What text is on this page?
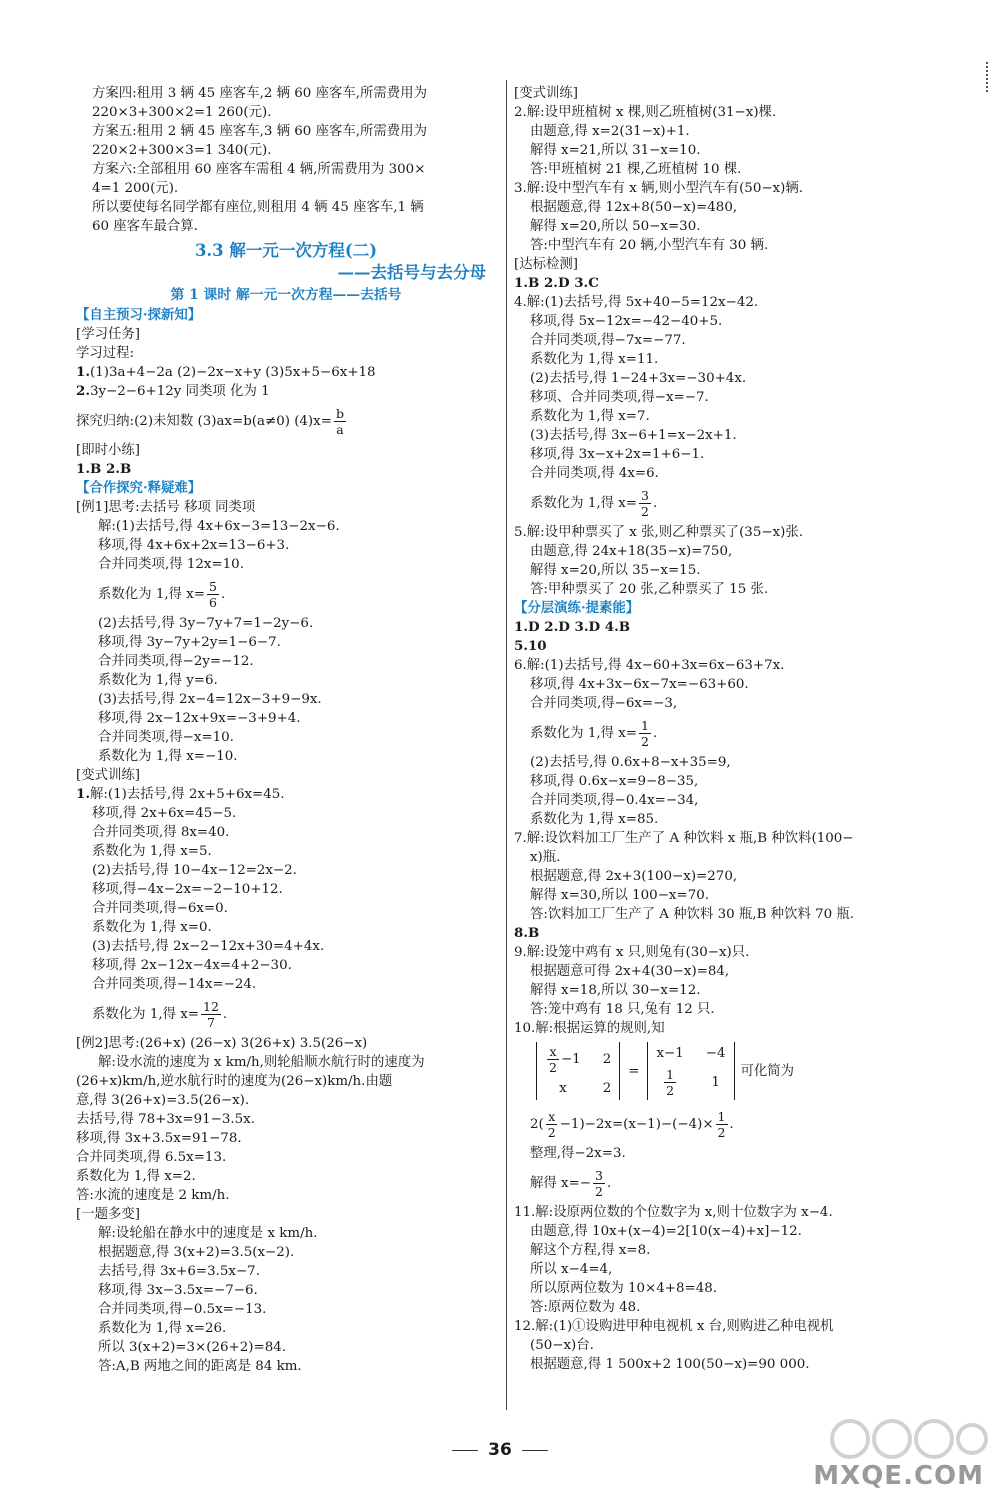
方案四:租用 3 辆 45 座客车,2 辆 60 座客车,所需费用为
220×3+300×2=1 260(元).
方案五:租用 2 辆 45 座客车,3 辆 60 座客车,所需费用为
220×2+300×3=1 340(元).
方案六:全部租用 60 座客车需租 4 辆,所需费用为 300×
4=1 200(元).
所以要使每名同学都有座位,则租用 4 辆 45 座客车,1 辆
60 座客车最合算.
3.3 解一元一次方程(二)
——去括号与去分母
第 1 课时 解一元一次方程——去括号
【自主预习·探新知】
[学习任务]
学习过程:
1.(1)3a+4−2a (2)−2x−x+y (3)5x+5−6x+18
2.3y−2−6+12y 同类项 化为 1
探究归纳:(2)未知数 (3)ax=b(a≠0) $(4)x= \frac{b}{a}$
[即时小练]
1.B 2.B
【合作探究·释疑难】
[例1]思考:去括号 移项 同类项
解:(1)去括号,得 4x+6x−3=13−2x−6.
移项,得 4x+6x+2x=13−6+3.
合并同类项,得 12x=10.
系数化为 1,得 $x= \frac{5}{6}$ .
(2)去括号,得 3y−7y+7=1−2y−6.
移项,得 3y−7y+2y=1−6−7.
合并同类项,得−2y=−12.
系数化为 1,得 y=6.
(3)去括号,得 2x−4=12x−3+9−9x.
移项,得 2x−12x+9x=−3+9+4.
合并同类项,得−x=10.
系数化为 1,得 x=−10.
[变式训练]
1.解:(1)去括号,得 2x+5+6x=45.
移项,得 2x+6x=45−5.
合并同类项,得 8x=40.
系数化为 1,得 x=5.
(2)去括号,得 10−4x−12=2x−2.
移项,得−4x−2x=−2−10+12.
合并同类项,得−6x=0.
系数化为 1,得 x=0.
(3)去括号,得 2x−2−12x+30=4+4x.
移项,得 2x−12x−4x=4+2−30.
合并同类项,得−14x=−24.
系数化为 1,得 $x= \frac{12}{7}$ .
[例2]思考:(26+x) (26−x) 3(26+x) 3.5(26−x)
解:设水流的速度为 x km/h,则轮船顺水航行时的速度为
(26+x)km/h,逆水航行时的速度为(26−x)km/h.由题
意,得 3(26+x)=3.5(26−x).
去括号,得 78+3x=91−3.5x.
移项,得 3x+3.5x=91−78.
合并同类项,得 6.5x=13.
系数化为 1,得 x=2.
答:水流的速度是 2 km/h.
[一题多变]
解:设轮船在静水中的速度是 x km/h.
根据题意,得 3(x+2)=3.5(x−2).
去括号,得 3x+6=3.5x−7.
移项,得 3x−3.5x=−7−6.
合并同类项,得−0.5x=−13.
系数化为 1,得 x=26.
所以 3(x+2)=3×(26+2)=84.
答:A,B 两地之间的距离是 84 km.
[变式训练]
2.解:设甲班植树 x 棵,则乙班植树(31−x)棵.
由题意,得 x=2(31−x)+1.
解得 x=21,所以 31−x=10.
答:甲班植树 21 棵,乙班植树 10 棵.
3.解:设中型汽车有 x 辆,则小型汽车有(50−x)辆.
根据题意,得 12x+8(50−x)=480,
解得 x=20,所以 50−x=30.
答:中型汽车有 20 辆,小型汽车有 30 辆.
[达标检测]
1.B 2.D 3.C
4.解:(1)去括号,得 5x+40−5=12x−42.
移项,得 5x−12x=−42−40+5.
合并同类项,得−7x=−77.
系数化为 1,得 x=11.
(2)去括号,得 1−24+3x=−30+4x.
移项、合并同类项,得−x=−7.
系数化为 1,得 x=7.
(3)去括号,得 3x−6+1=x−2x+1.
移项,得 3x−x+2x=1+6−1.
合并同类项,得 4x=6.
系数化为 1,得 $x= \frac{3}{2}$ .
5.解:设甲种票买了 x 张,则乙种票买了(35−x)张.
由题意,得 24x+18(35−x)=750,
解得 x=20,所以 35−x=15.
答:甲种票买了 20 张,乙种票买了 15 张.
【分层演练·提素能】
1.D 2.D 3.D 4.B
5.10
6.解:(1)去括号,得 4x−60+3x=6x−63+7x.
移项,得 4x+3x−6x−7x=−63+60.
合并同类项,得−6x=−3,
系数化为 1,得 $x= \frac{1}{2}$ .
(2)去括号,得 0.6x+8−x+35=9,
移项,得 0.6x−x=9−8−35,
合并同类项,得−0.4x=−34,
系数化为 1,得 x=85.
7.解:设饮料加工厂生产了 A 种饮料 x 瓶,B 种饮料(100−
x)瓶.
根据题意,得 2x+3(100−x)=270,
解得 x=30,所以 100−x=70.
答:饮料加工厂生产了 A 种饮料 30 瓶,B 种饮料 70 瓶.
8.B
9.解:设笼中鸡有 x 只,则兔有(30−x)只.
根据题意可得 2x+4(30−x)=84,
解得 x=18,所以 30−x=12.
答:笼中鸡有 18 只,兔有 12 只.
10.解:根据运算的规则,知
$\frac{x}{2} -1$ 2
x	2
=
x−1 −4
$\frac{1}{2}$	1
可化简为
$2( \frac{x}{2} -1)-2x=(x-1)-(-4)\times \frac{1}{2}$ .
整理,得−2x=3.
解得 $x=- \frac{3}{2}$ .
11.解:设原两位数的个位数字为 x,则十位数字为 x−4.
由题意,得 10x+(x−4)=2[10(x−4)+x]−12.
解这个方程,得 x=8.
所以 x−4=4,
所以原两位数为 10×4+8=48.
答:原两位数为 48.
12.解:(1)①设购进甲种电视机 x 台,则购进乙种电视机
(50−x)台.
根据题意,得 1 500x+2 100(50−x)=90 000.
36
MXQE.COM
